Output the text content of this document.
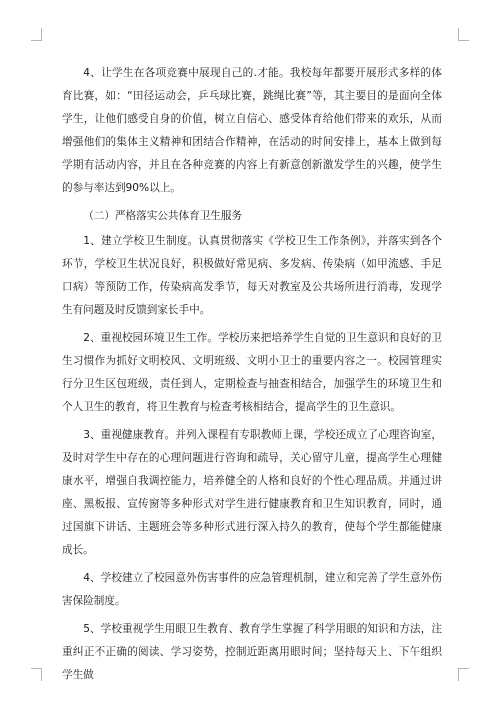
4、让学生在各项竞赛中展现自己的.才能。我校每年都要开展形式多样的体育比赛，如：“田径运动会，乒乓球比赛，跳绳比赛”等，其主要目的是面向全体学生，让他们感受自身的价值，树立自信心、感受体育给他们带来的欢乐，从而增强他们的集体主义精神和团结合作精神，在活动的时间安排上，基本上做到每学期有活动内容，并且在各种竞赛的内容上有新意创新激发学生的兴趣，使学生的参与率达到90%以上。

（二）严格落实公共体育卫生服务

1、建立学校卫生制度。认真贯彻落实《学校卫生工作条例》，并落实到各个环节，学校卫生状况良好，积极做好常见病、多发病、传染病（如甲流感、手足口病）等预防工作，传染病高发季节，每天对教室及公共场所进行消毒，发现学生有问题及时反馈到家长手中。

2、重视校园环境卫生工作。学校历来把培养学生自觉的卫生意识和良好的卫生习惯作为抓好文明校风、文明班级、文明小卫士的重要内容之一。校园管理实行分卫生区包班级，责任到人，定期检查与抽查相结合，加强学生的环境卫生和个人卫生的教育，将卫生教育与检查考核相结合，提高学生的卫生意识。

3、重视健康教育。并列入课程有专职教师上课，学校还成立了心理咨询室，及时对学生中存在的心理问题进行咨询和疏导，关心留守儿童，提高学生心理健康水平，增强自我调控能力，培养健全的人格和良好的个性心理品质。并通过讲座、黑板报、宣传窗等多种形式对学生进行健康教育和卫生知识教育，同时，通过国旗下讲话、主题班会等多种形式进行深入持久的教育，使每个学生都能健康成长。

4、学校建立了校园意外伤害事件的应急管理机制，建立和完善了学生意外伤害保险制度。

5、学校重视学生用眼卫生教育、教育学生掌握了科学用眼的知识和方法，注重纠正不正确的阅读、学习姿势，控制近距离用眼时间；坚持每天上、下午组织学生做
